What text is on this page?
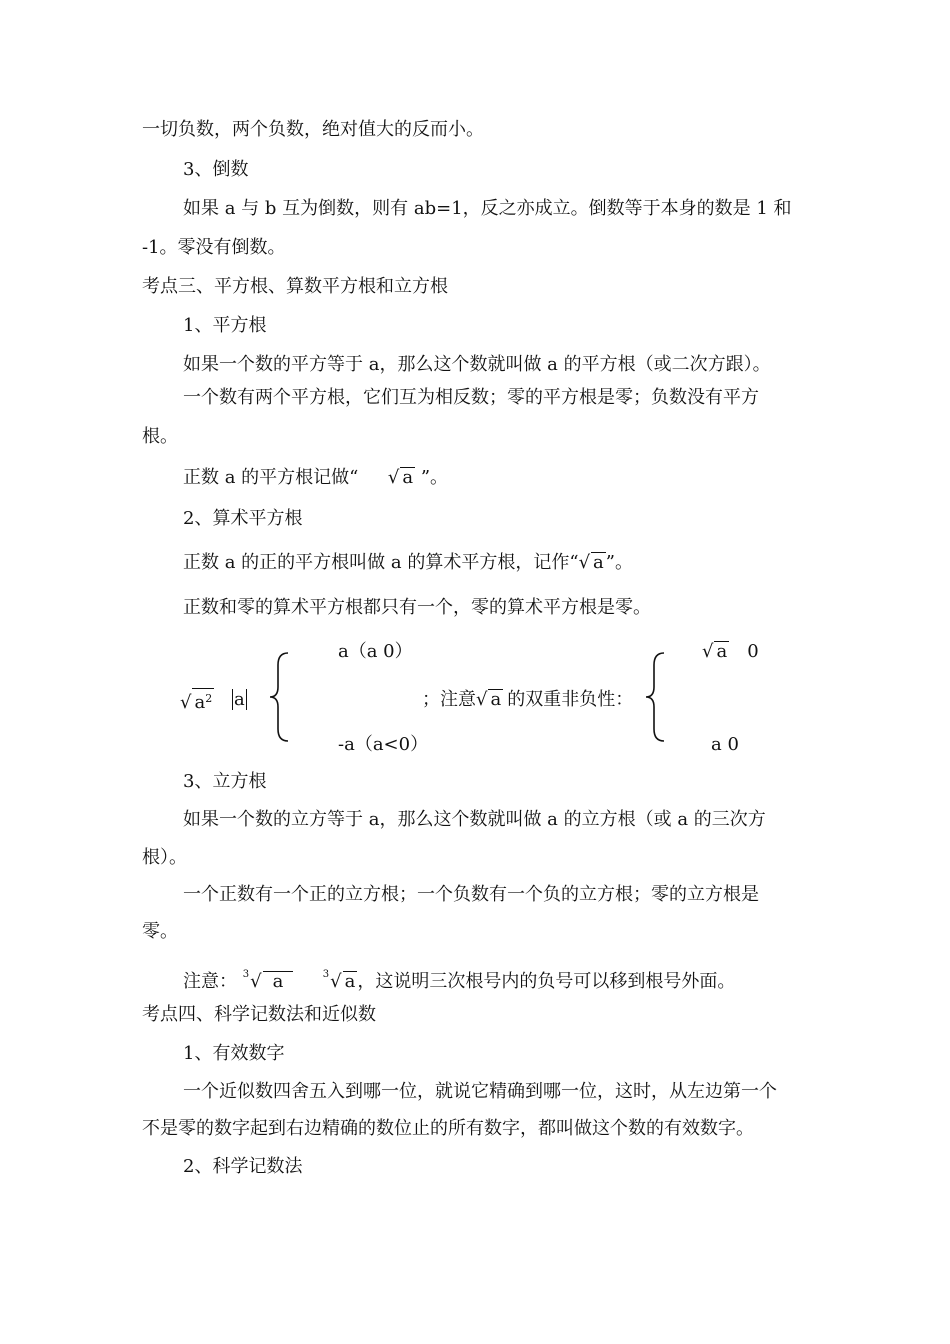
一切负数，两个负数，绝对值大的反而小。
3、倒数
如果 a 与 b 互为倒数，则有 ab=1，反之亦成立。倒数等于本身的数是 1 和
-1。零没有倒数。
考点三、平方根、算数平方根和立方根
1、平方根
如果一个数的平方等于 a，那么这个数就叫做 a 的平方根（或二次方跟）。
一个数有两个平方根，它们互为相反数；零的平方根是零；负数没有平方
根。
正数 a 的平方根记做“ √ a ”。
2、算术平方根
正数 a 的正的平方根叫做 a 的算术平方根，记作“√ a ”。
正数和零的算术平方根都只有一个，零的算术平方根是零。
√ $a^2$ a
a（a 0）
-a（a<0）
；注意√ a 的双重非负性：
√ a 0
a 0
3、立方根
如果一个数的立方等于 a，那么这个数就叫做 a 的立方根（或 a 的三次方
根）。
一个正数有一个正的立方根；一个负数有一个负的立方根；零的立方根是
零。
注意： $^3$√ a	$^3$√ a ，这说明三次根号内的负号可以移到根号外面。
考点四、科学记数法和近似数
1、有效数字
一个近似数四舍五入到哪一位，就说它精确到哪一位，这时，从左边第一个
不是零的数字起到右边精确的数位止的所有数字，都叫做这个数的有效数字。
2、科学记数法
